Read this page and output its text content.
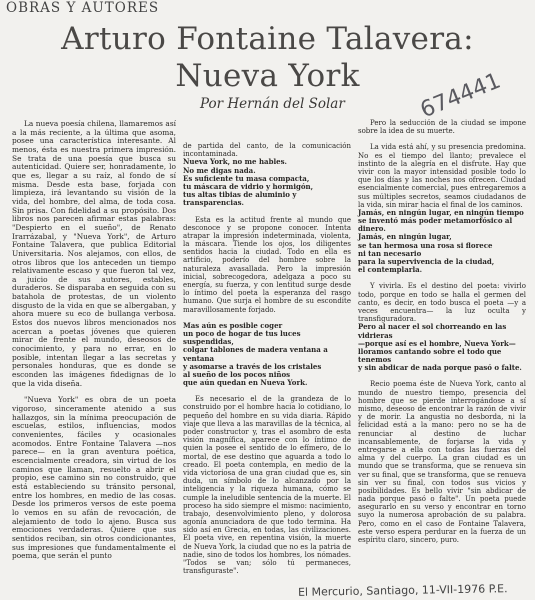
OBRAS Y AUTORES
Arturo Fontaine Talavera:
Nueva York
Por Hernán del Solar	674441

La nueva poesía chilena, llamaremos así a la más reciente, a la última que asoma, posee una característica interesante. Al menos, ésta es nuestra primera impresión. Se trata de una poesía que busca su autenticidad. Quiere ser, honradamente, lo que es, llegar a su raíz, al fondo de sí misma. Desde esta base, forjada con limpieza, irá levantando su visión de la vida, del hombre, del alma, de toda cosa. Sin prisa. Con fidelidad a su propósito. Dos libros nos parecen afirmar estas palabras: "Despierto en el sueño", de Renato Irarrázabal, y "Nueva York", de Arturo Fontaine Talavera, que publica Editorial Universitaria. Nos alejamos, con ellos, de otros libros que los anteceden un tiempo relativamente escaso y que fueron tal vez, a juicio de sus autores, estables, duraderos. Se disparaba en seguida con su batahola de protestas, de un violento disgusto de la vida en que se albergaban, y ahora muere su eco de bullanga verbosa. Estos dos nuevos libros mencionados nos acercan a poetas jóvenes que quieren mirar de frente el mundo, deseosos de conocimiento, y para no errar, en lo posible, intentan llegar a las secretas y personales honduras, que es donde se esconden las imágenes fidedignas de lo que la vida diseña.

"Nueva York" es obra de un poeta vigoroso, sinceramente atenido a sus hallazgos, sin la mínima preocupación de escuelas, estilos, influencias, modos convenientes, fáciles y ocasionales acomodos. Entre Fontaine Talavera —nos parece— en la gran aventura poética, escencialmente creadora, sin virtud de los caminos que llaman, resuelto a abrir el propio, ese camino sin no construido, que está estableciendo su tránsito personal, entre los hombres, en medio de las cosas. Desde los primeros versos de este poema lo vemos en su afán de revocación, de alejamiento de todo lo ajeno. Busca sus emociones verdaderas. Quiere que sus sentidos reciban, sin otros condicionantes, sus impresiones que fundamentalmente el poema, que serán el punto

de partida del canto, de la comunicación incontaminada.

Nueva York, no me hables.
No me digas nada.
Es suficiente tu masa compacta,
tu máscara de vidrio y hormigón,
tus altas tibias de aluminio y transparencias.

Esta es la actitud frente al mundo que desconoce y se propone conocer. Intenta atrapar la impresión indeterminada, violenta, la máscara. Tiende los ojos, los diligentes sentidos hacia la ciudad. Todo en ella es artificio, poderío del hombre sobre la naturaleza avasallada. Pero la impresión inicial, sobrecogedora, adelgaza a poco su energía, su fuerza, y con lentitud surge desde lo íntimo del poeta la esperanza del rasgo humano. Que surja el hombre de su escondite maravillosamente forjado.

Mas aún es posible coger
un poco de hogar de tus luces suspendidas,
colgar tablones de madera ventana a ventana
y asomarse a través de los cristales
al sueño de los pocos niños
que aún quedan en Nueva York.

Es necesario el de la grandeza de lo construido por el hombre hacia lo cotidiano, lo pequeño del hombre en su vida diaria. Rápido viaje que lleva a las maravillas de la técnica, al poder constructor y, tras el asombro de esta visión magnífica, aparece con lo íntimo de quien la posee el sentido de lo efímero, de lo mortal, de ese destino que aguarda a todo lo creado. El poeta contempla, en medio de la vida victoriosa de una gran ciudad que es, sin duda, un símbolo de lo alcanzado por la inteligencia y la riqueza humana, cómo se cumple la ineludible sentencia de la muerte. El proceso ha sido siempre el mismo: nacimiento, trabajo, desenvolvimiento pleno, y dolorosa agonía anunciadora de que todo termina. Ha sido así en Grecia, en todas, las civilizaciones. El poeta vive, en repentina visión, la muerte de Nueva York, la ciudad que no es la patria de nadie, sino de todos los hombres, los nómades. "Todos se van; sólo tú permaneces, transfiguraste".

Pero la seducción de la ciudad se impone sobre la idea de su muerte.

La vida está ahí, y su presencia predomina. No es el tiempo del llanto; prevalece el instinto de la alegría en el disfrute. Hay que vivir con la mayor intensidad posible todo lo que los días y las noches nos ofrecen. Ciudad esencialmente comercial, pues entregaremos a sus múltiples secretos, seamos ciudadanos de la vida, sin mirar hacia el final de los caminos.

Jamás, en ningún lugar, en ningún tiempo
se inventó más poder metamorfósico al dinero.
Jamás, en ningún lugar,
se tan hermosa una rosa si florece
ni tan necesario
para la supervivencia de la ciudad,
el contemplarla.

Y vivirla. Es el destino del poeta: vivirlo todo, porque en todo se halla el germen del canto, es decir, en todo busca el poeta —y a veces encuentra— la luz oculta y transfiguradora.

Pero al nacer el sol chorreando en las vidrieras
—porque así es el hombre, Nueva York—
lloramos cantando sobre el todo que tenemos
y sin abdicar de nada porque pasó o falte.

Recio poema éste de Nueva York, canto al mundo de nuestro tiempo, presencia del hombre que se pierde interrogándose a sí mismo, deseoso de encontrar la razón de vivir y de morir. La angustia no desborda, ni la felicidad está a la mano: pero no se ha de renunciar al destino de luchar incansablemente, de forjarse la vida y entregarse a ella con todas las fuerzas del alma y del cuerpo. La gran ciudad es un mundo que se transforma, que se renueva sin ver su final, que se transforma, que se renueva sin ver su final, con todos sus vicios y posibilidades. Es bello vivir "sin abdicar de nada porque pasó o falte". Un poeta puede asegurarlo en su verso y encontrar en torno suyo la numerosa aprobación de su palabra. Pero, como en el caso de Fontaine Talavera, este verso espera perdurar en la fuerza de un espíritu claro, sincero, puro.

El Mercurio, Santiago, 11-VII-1976 P.E.
